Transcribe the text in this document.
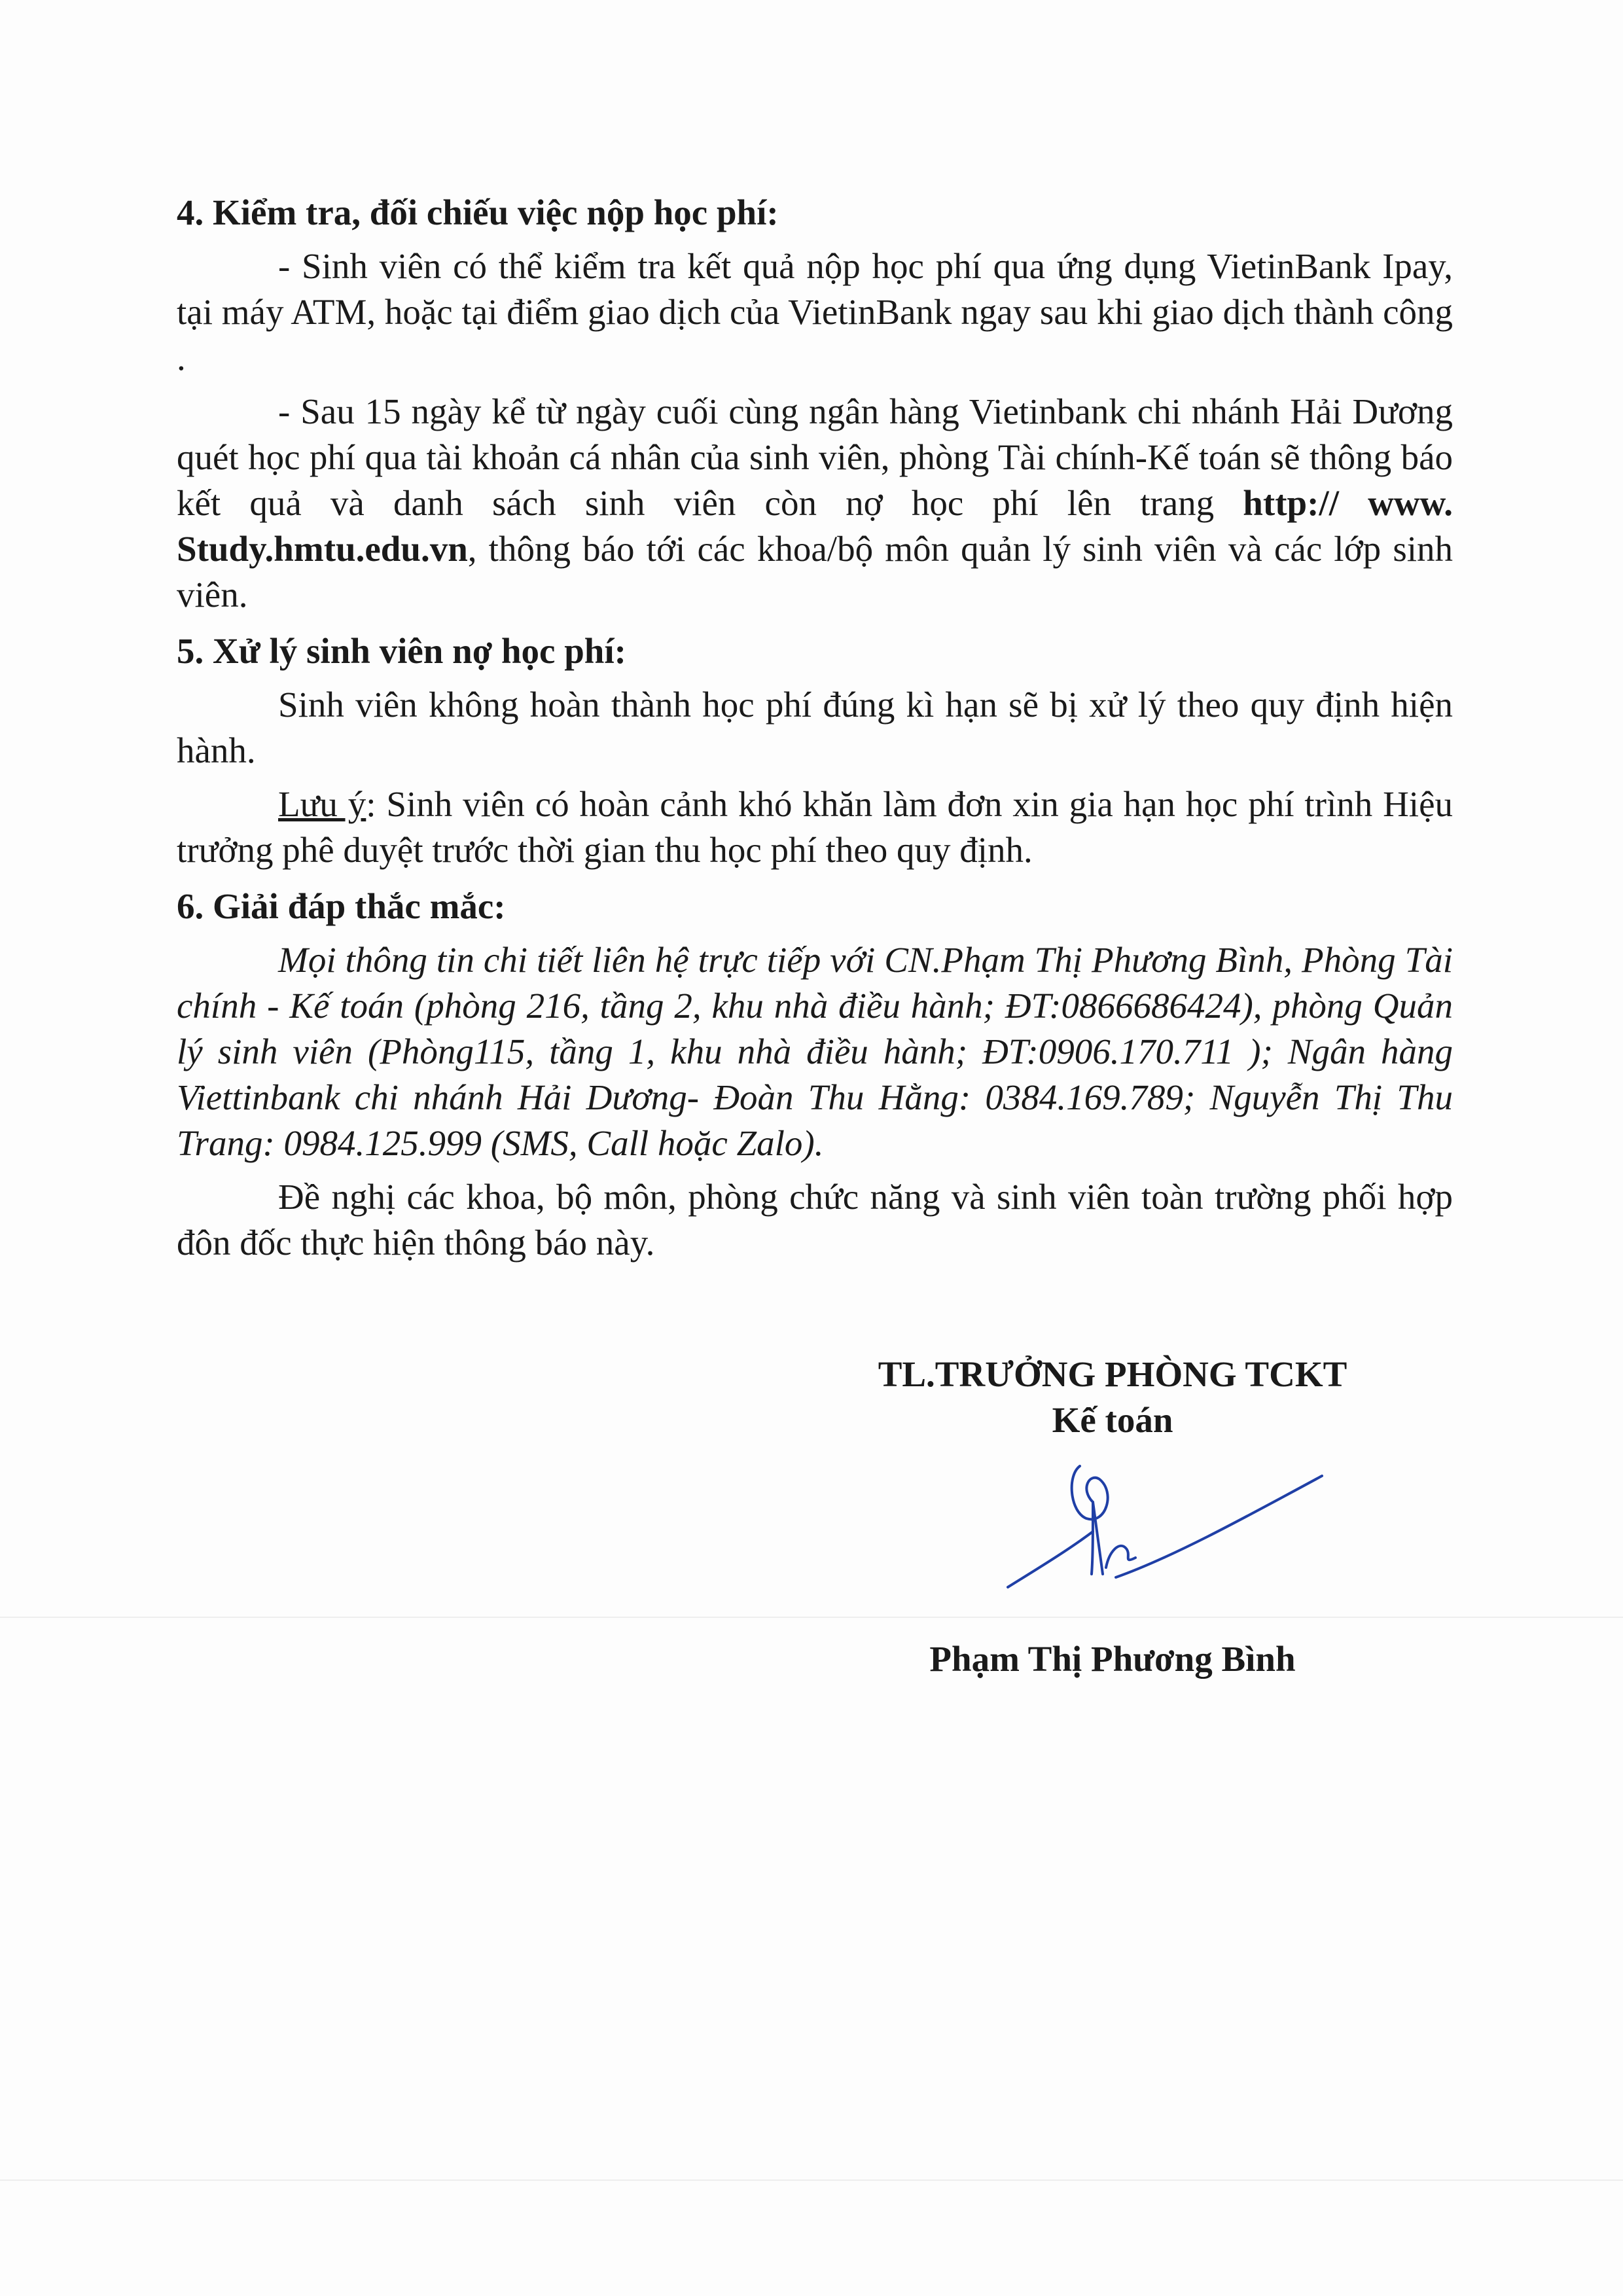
4. Kiểm tra, đối chiếu việc nộp học phí:

- Sinh viên có thể kiểm tra kết quả nộp học phí qua ứng dụng VietinBank Ipay, tại máy ATM, hoặc tại điểm giao dịch của VietinBank ngay sau khi giao dịch thành công .

- Sau 15 ngày kể từ ngày cuối cùng ngân hàng Vietinbank chi nhánh Hải Dương quét học phí qua tài khoản cá nhân của sinh viên, phòng Tài chính-Kế toán sẽ thông báo kết quả và danh sách sinh viên còn nợ học phí lên trang http:// www. Study.hmtu.edu.vn, thông báo tới các khoa/bộ môn quản lý sinh viên và các lớp sinh viên.

5. Xử lý sinh viên nợ học phí:

Sinh viên không hoàn thành học phí đúng kì hạn sẽ bị xử lý theo quy định hiện hành.

Lưu ý: Sinh viên có hoàn cảnh khó khăn làm đơn xin gia hạn học phí trình Hiệu trưởng phê duyệt trước thời gian thu học phí theo quy định.

6. Giải đáp thắc mắc:

Mọi thông tin chi tiết liên hệ trực tiếp với CN.Phạm Thị Phương Bình, Phòng Tài chính - Kế toán (phòng 216, tầng 2, khu nhà điều hành; ĐT:0866686424), phòng Quản lý sinh viên (Phòng115, tầng 1, khu nhà điều hành; ĐT:0906.170.711 ); Ngân hàng Viettinbank chi nhánh Hải Dương- Đoàn Thu Hằng: 0384.169.789; Nguyễn Thị Thu Trang: 0984.125.999 (SMS, Call hoặc Zalo).

Đề nghị các khoa, bộ môn, phòng chức năng và sinh viên toàn trường phối hợp đôn đốc thực hiện thông báo này.

TL.TRƯỞNG PHÒNG TCKT
Kế toán
Phạm Thị Phương Bình
